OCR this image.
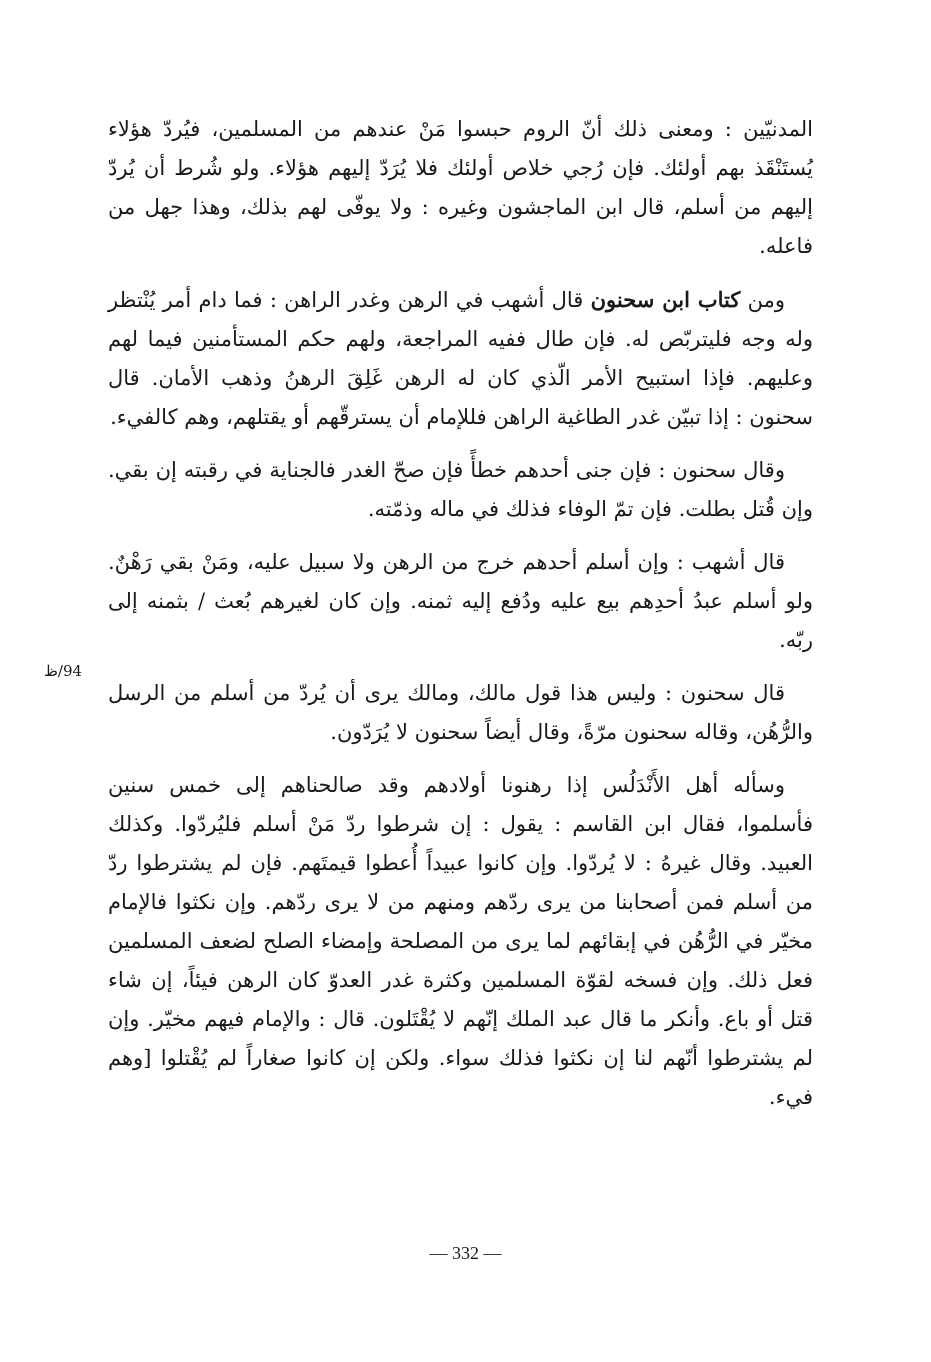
المدنيّين : ومعنى ذلك أنّ الروم حبسوا مَنْ عندهم من المسلمين، فيُردّ هؤلاء يُستَنْقَذ بهم أولئك. فإن رُجي خلاص أولئك فلا يُرَدّ إليهم هؤلاء. ولو شُرط أن يُردّ إليهم من أسلم، قال ابن الماجشون وغيره : ولا يوفّى لهم بذلك، وهذا جهل من فاعله.

ومن كتاب ابن سحنون قال أشهب في الرهن وغدر الراهن : فما دام أمر يُنْتظر وله وجه فليتربّص له. فإن طال ففيه المراجعة، ولهم حكم المستأمنين فيما لهم وعليهم. فإذا استبيح الأمر الّذي كان له الرهن غَلِقَ الرهنُ وذهب الأمان. قال سحنون : إذا تبيّن غدر الطاغية الراهن فللإمام أن يسترقّهم أو يقتلهم، وهم كالفيء.

وقال سحنون : فإن جنى أحدهم خطأً فإن صحّ الغدر فالجناية في رقبته إن بقي. وإن قُتل بطلت. فإن تمّ الوفاء فذلك في ماله وذمّته.

قال أشهب : وإن أسلم أحدهم خرج من الرهن ولا سبيل عليه، ومَنْ بقي رَهْنٌ. ولو أسلم عبدُ أحدِهم بيع عليه ودُفع إليه ثمنه. وإن كان لغيرهم بُعث / بثمنه إلى ربّه.

قال سحنون : وليس هذا قول مالك، ومالك يرى أن يُردّ من أسلم من الرسل والرُّهُن، وقاله سحنون مرّةً، وقال أيضاً سحنون لا يُرَدّون.

وسأله أهل الأَنْدَلُس إذا رهنونا أولادهم وقد صالحناهم إلى خمس سنين فأسلموا، فقال ابن القاسم : يقول : إن شرطوا ردّ مَنْ أسلم فليُردّوا. وكذلك العبيد. وقال غيرهُ : لا يُردّوا. وإن كانوا عبيداً أُعطوا قيمتَهم. فإن لم يشترطوا ردّ من أسلم فمن أصحابنا من يرى ردّهم ومنهم من لا يرى ردّهم. وإن نكثوا فالإمام مخيّر في الرُّهُن في إبقائهم لما يرى من المصلحة وإمضاء الصلح لضعف المسلمين فعل ذلك. وإن فسخه لقوّة المسلمين وكثرة غدر العدوّ كان الرهن فيئاً، إن شاء قتل أو باع. وأنكر ما قال عبد الملك إنّهم لا يُقْتَلون. قال : والإمام فيهم مخيّر. وإن لم يشترطوا أنّهم لنا إن نكثوا فذلك سواء. ولكن إن كانوا صغاراً لم يُقْتلوا [وهم فيء.

94/ظ
— 332 —
